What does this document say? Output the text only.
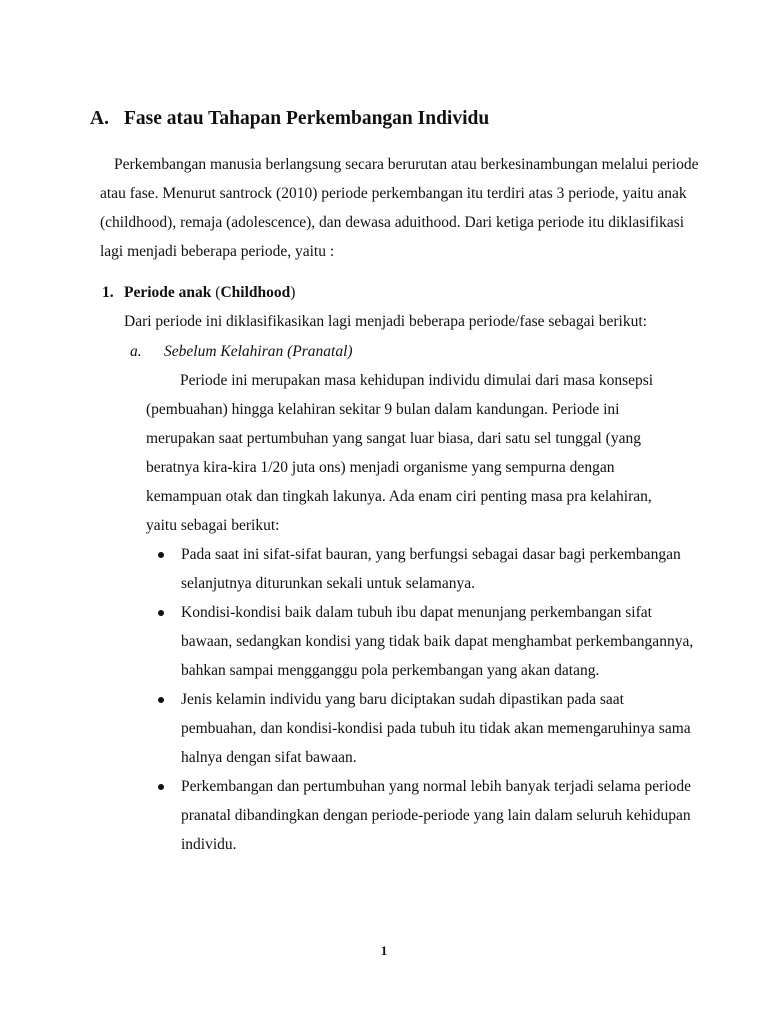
A. Fase atau Tahapan Perkembangan Individu

Perkembangan manusia berlangsung secara berurutan atau berkesinambungan melalui periode atau fase. Menurut santrock (2010) periode perkembangan itu terdiri atas 3 periode, yaitu anak (childhood), remaja (adolescence), dan dewasa aduithood. Dari ketiga periode itu diklasifikasi lagi menjadi beberapa periode, yaitu :

1. Periode anak (Childhood)
Dari periode ini diklasifikasikan lagi menjadi beberapa periode/fase sebagai berikut:
a. Sebelum Kelahiran (Pranatal)

Periode ini merupakan masa kehidupan individu dimulai dari masa konsepsi (pembuahan) hingga kelahiran sekitar 9 bulan dalam kandungan. Periode ini merupakan saat pertumbuhan yang sangat luar biasa, dari satu sel tunggal (yang beratnya kira-kira 1/20 juta ons) menjadi organisme yang sempurna dengan kemampuan otak dan tingkah lakunya. Ada enam ciri penting masa pra kelahiran, yaitu sebagai berikut:

Pada saat ini sifat-sifat bauran, yang berfungsi sebagai dasar bagi perkembangan selanjutnya diturunkan sekali untuk selamanya.
Kondisi-kondisi baik dalam tubuh ibu dapat menunjang perkembangan sifat bawaan, sedangkan kondisi yang tidak baik dapat menghambat perkembangannya, bahkan sampai mengganggu pola perkembangan yang akan datang.
Jenis kelamin individu yang baru diciptakan sudah dipastikan pada saat pembuahan, dan kondisi-kondisi pada tubuh itu tidak akan memengaruhinya sama halnya dengan sifat bawaan.
Perkembangan dan pertumbuhan yang normal lebih banyak terjadi selama periode pranatal dibandingkan dengan periode-periode yang lain dalam seluruh kehidupan individu.
1
